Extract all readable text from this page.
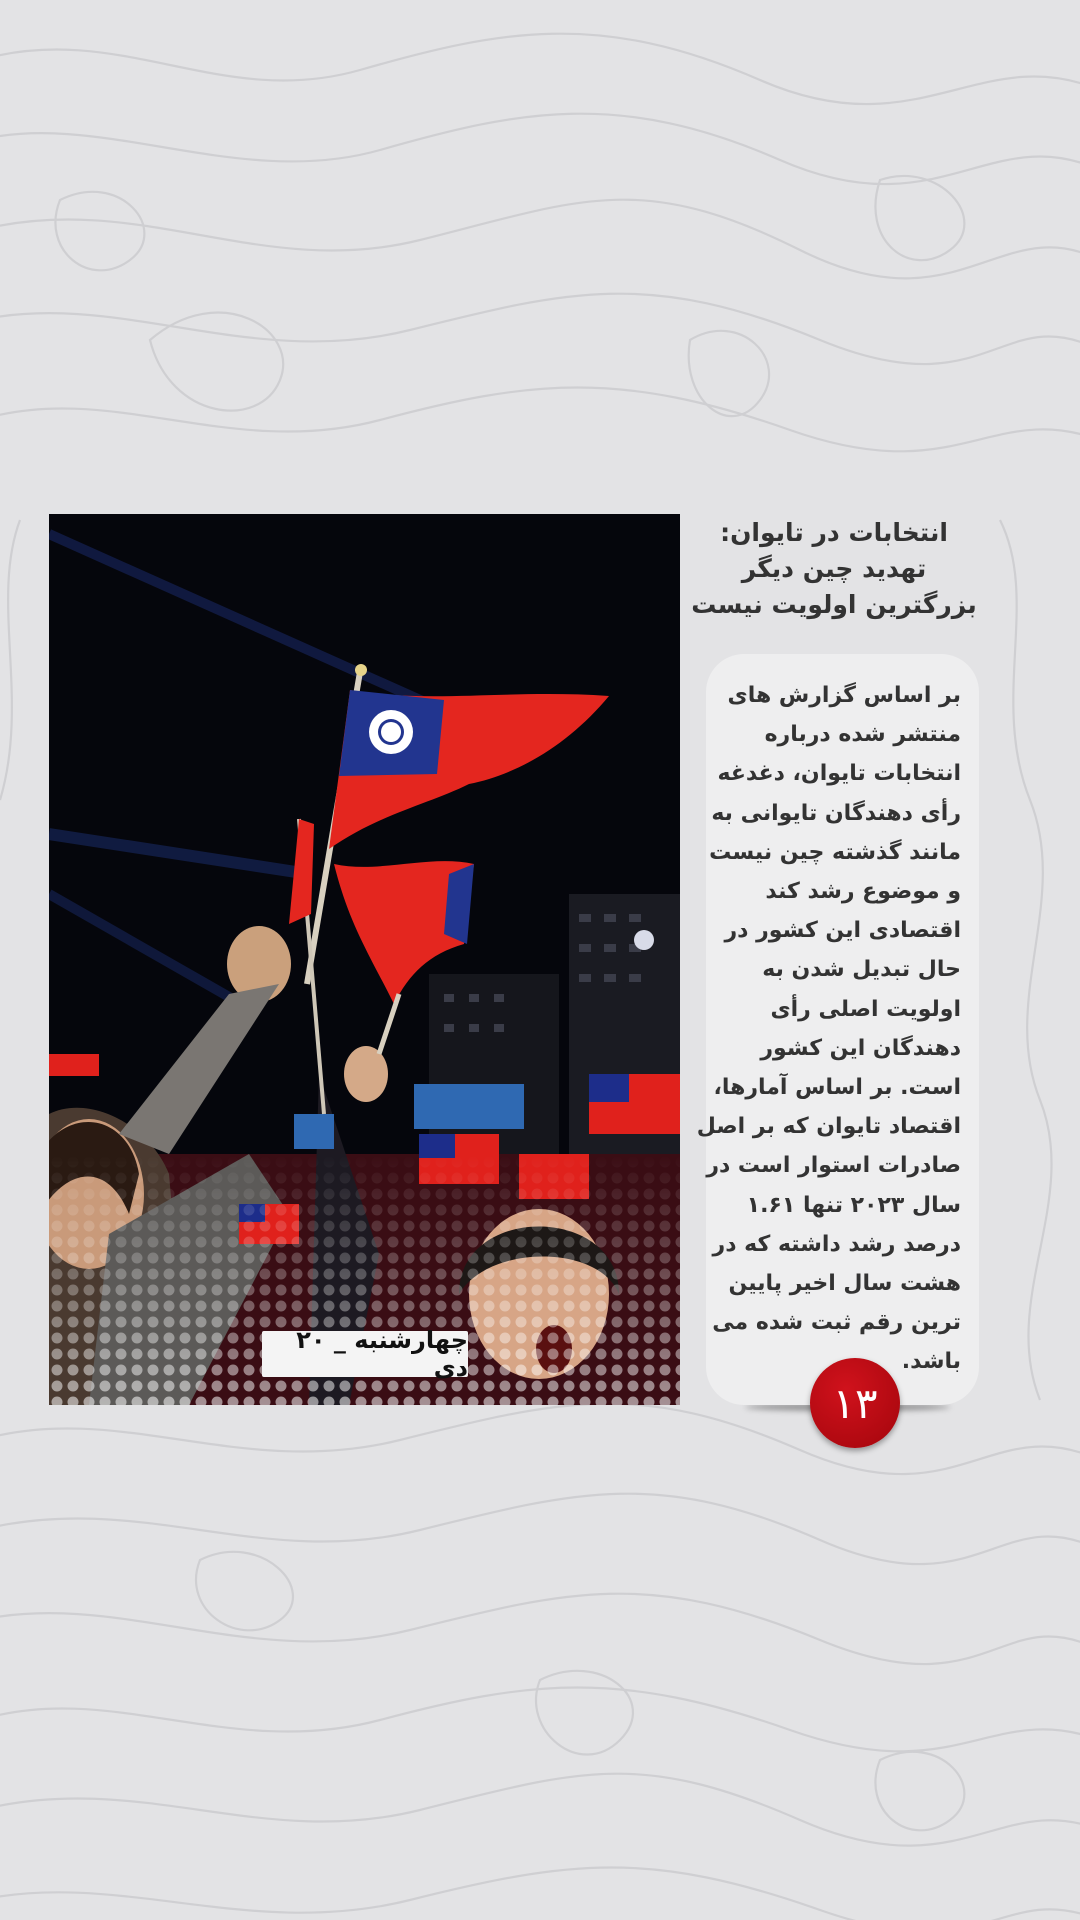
چهارشنبه _ ۲۰ دی
انتخابات در تایوان:
تهدید چین دیگر
بزرگترین اولویت نیست
بر اساس گزارش های
منتشر شده درباره
انتخابات تایوان، دغدغه
رأی دهندگان تایوانی به
مانند گذشته چین نیست
و موضوع رشد کند
اقتصادی این کشور در
حال تبدیل شدن به
اولویت اصلی رأی
دهندگان این کشور
است. بر اساس آمارها،
اقتصاد تایوان که بر اصل
صادرات استوار است در
سال ۲۰۲۳ تنها ۱.۶۱
درصد رشد داشته که در
هشت سال اخیر پایین
ترین رقم ثبت شده می
باشد.
۱۳
